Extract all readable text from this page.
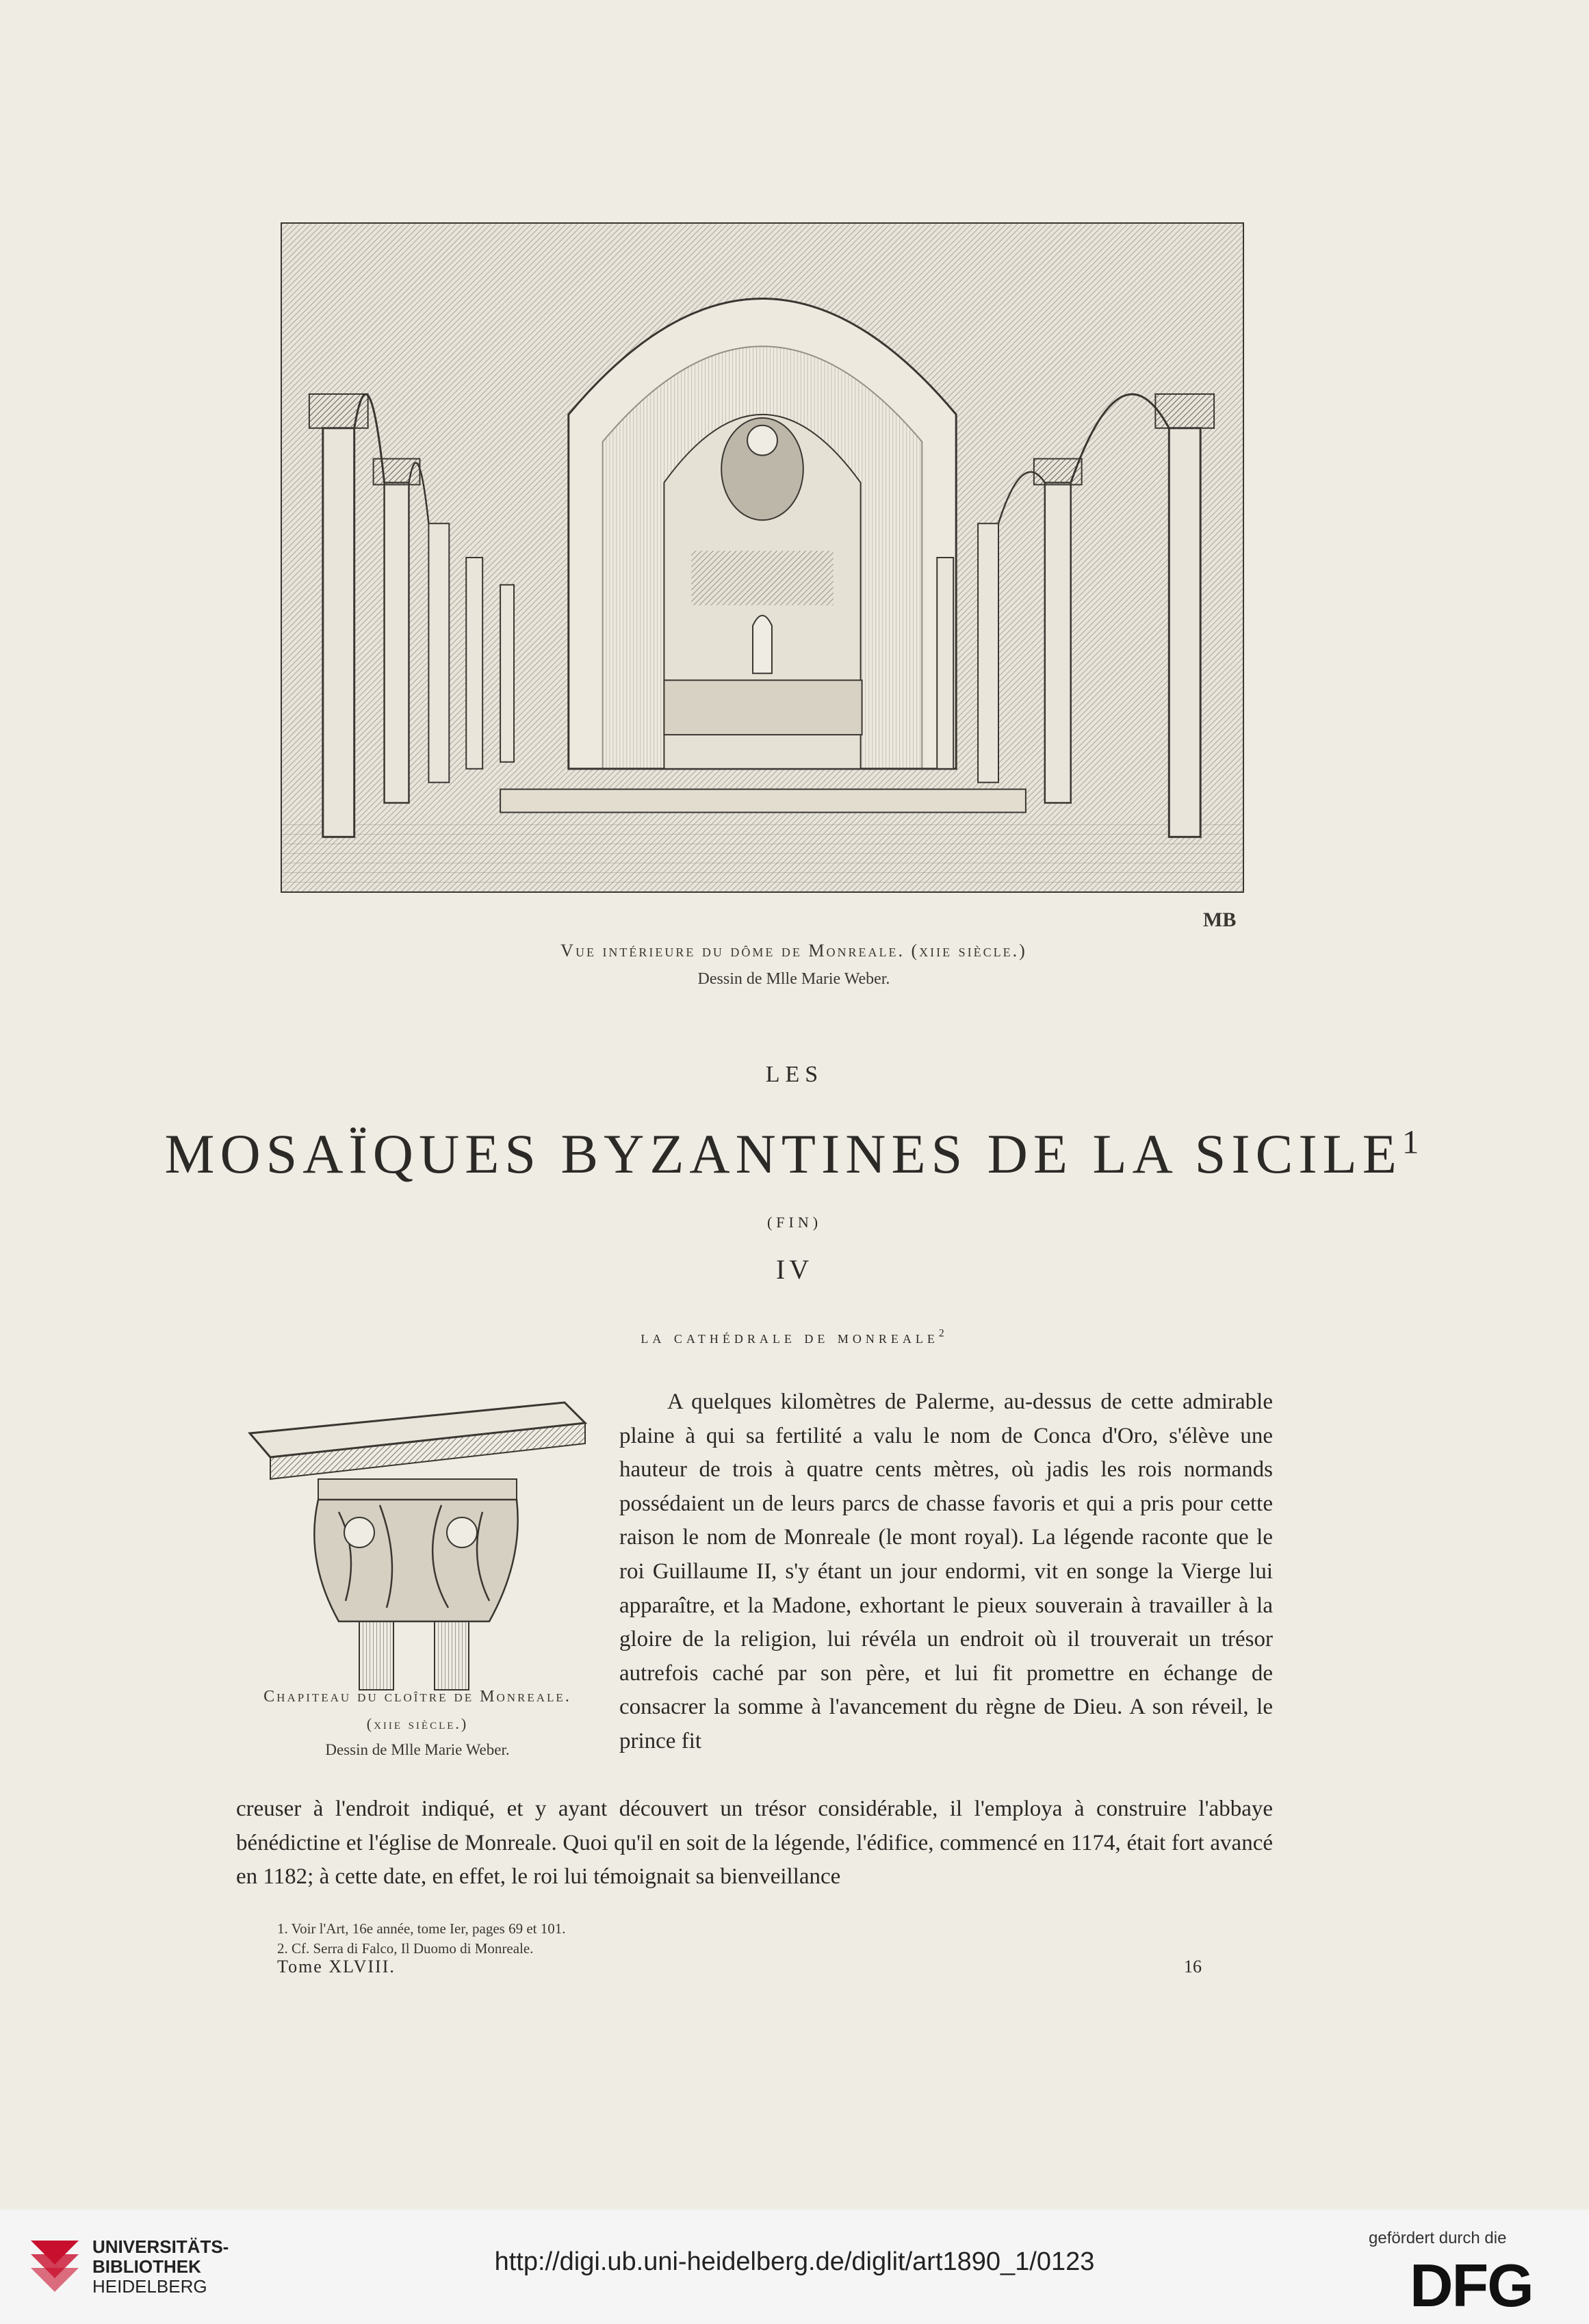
MB
Vue intérieure du dôme de Monreale. (xiie siècle.)
Dessin de Mlle Marie Weber.
LES
MOSAÏQUES BYZANTINES DE LA SICILE$^1$
(FIN)
IV
la cathédrale de monreale$^2$
Chapiteau du cloître de Monreale.
(xiie siècle.)
Dessin de Mlle Marie Weber.

A quelques kilomètres de Palerme, au-dessus de cette admirable plaine à qui sa fertilité a valu le nom de Conca d'Oro, s'élève une hauteur de trois à quatre cents mètres, où jadis les rois normands possédaient un de leurs parcs de chasse favoris et qui a pris pour cette raison le nom de Monreale (le mont royal). La légende raconte que le roi Guillaume II, s'y étant un jour endormi, vit en songe la Vierge lui apparaître, et la Madone, exhortant le pieux souverain à travailler à la gloire de la religion, lui révéla un endroit où il trouverait un trésor autrefois caché par son père, et lui fit promettre en échange de consacrer la somme à l'avancement du règne de Dieu. A son réveil, le prince fit

creuser à l'endroit indiqué, et y ayant découvert un trésor considérable, il l'employa à construire l'abbaye bénédictine et l'église de Monreale. Quoi qu'il en soit de la légende, l'édifice, commencé en 1174, était fort avancé en 1182; à cette date, en effet, le roi lui témoignait sa bienveillance

1. Voir l'Art, 16e année, tome Ier, pages 69 et 101.
2. Cf. Serra di Falco, Il Duomo di Monreale.
Tome XLVIII.	16
UNIVERSITÄTS-
BIBLIOTHEK
HEIDELBERG
http://digi.ub.uni-heidelberg.de/diglit/art1890_1/0123
gefördert durch die
DFG
